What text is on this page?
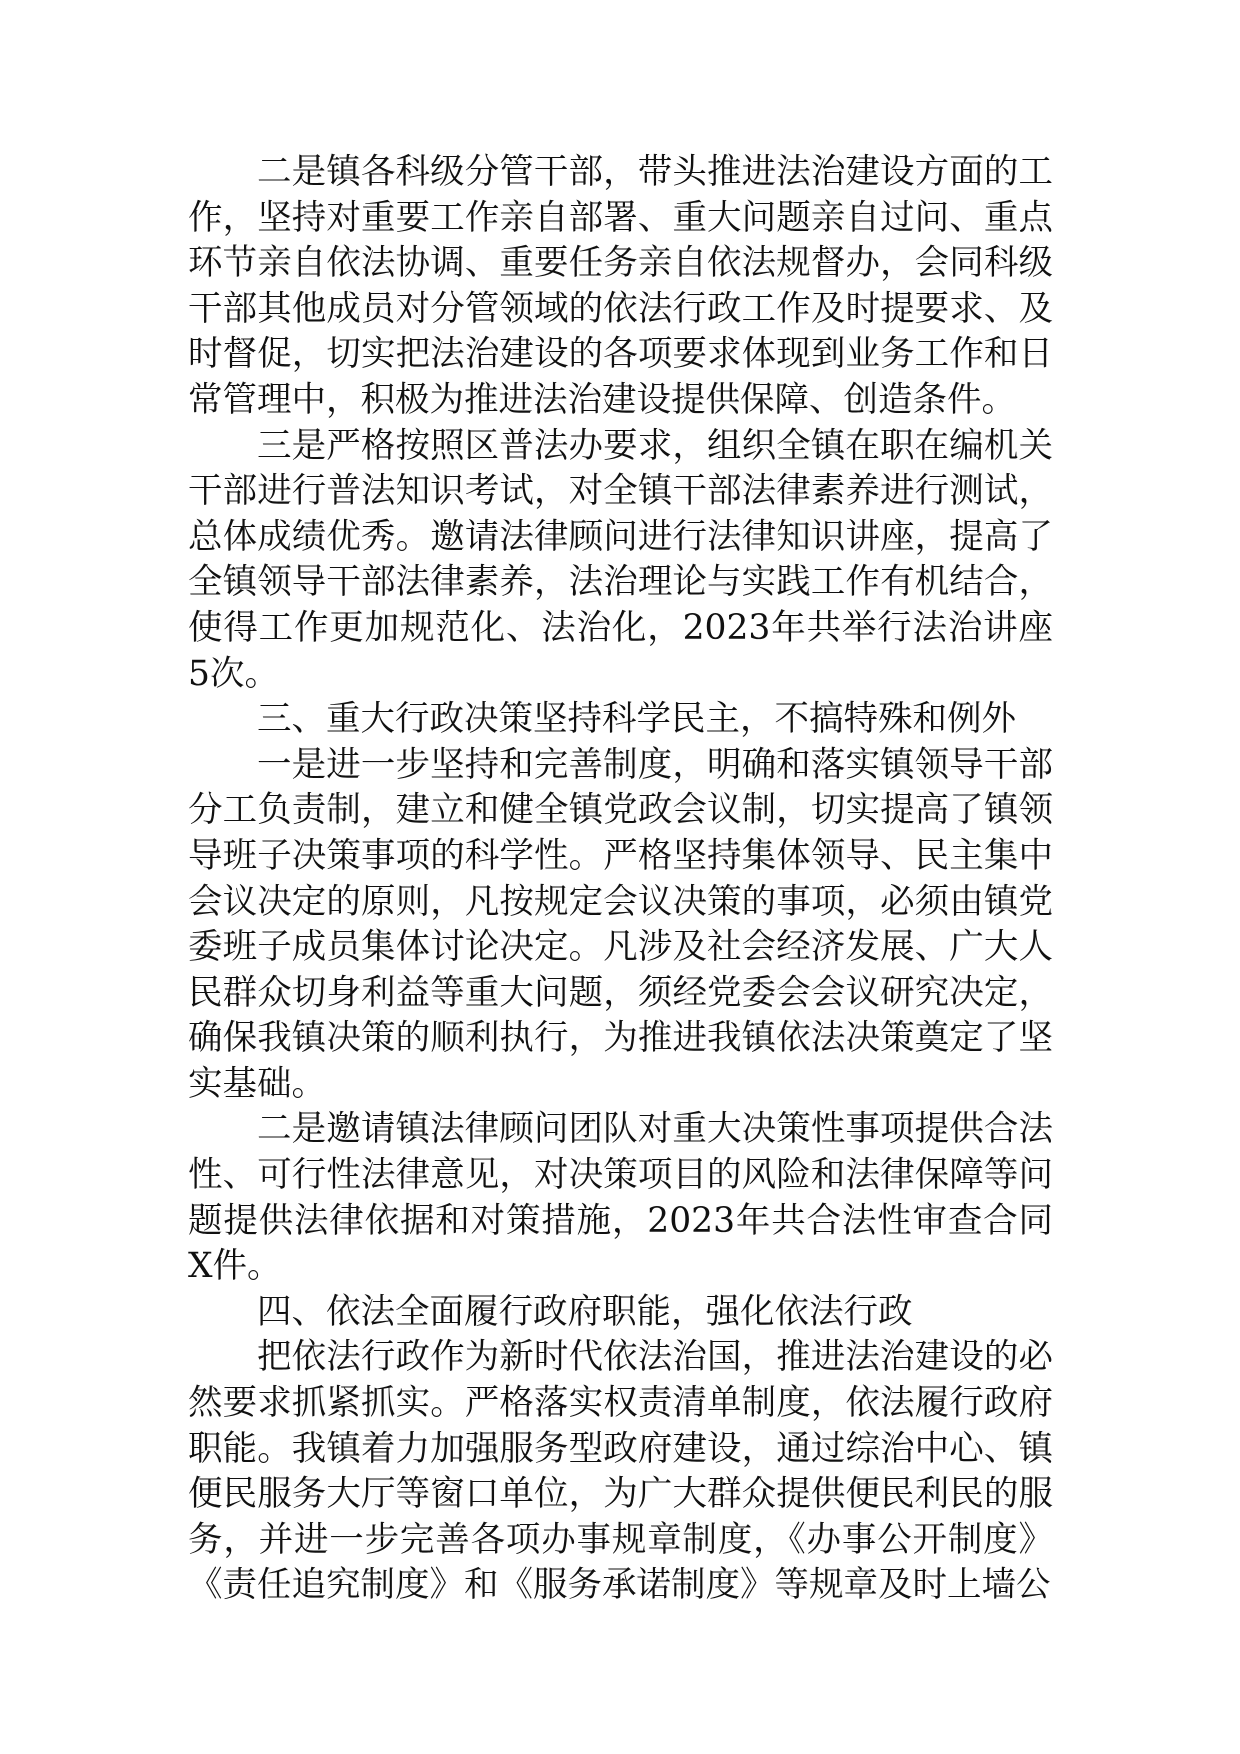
二是镇各科级分管干部，带头推进法治建设方面的工作，坚持对重要工作亲自部署、重大问题亲自过问、重点环节亲自依法协调、重要任务亲自依法规督办，会同科级干部其他成员对分管领域的依法行政工作及时提要求、及时督促，切实把法治建设的各项要求体现到业务工作和日常管理中，积极为推进法治建设提供保障、创造条件。

三是严格按照区普法办要求，组织全镇在职在编机关干部进行普法知识考试，对全镇干部法律素养进行测试，总体成绩优秀。邀请法律顾问进行法律知识讲座，提高了全镇领导干部法律素养，法治理论与实践工作有机结合，使得工作更加规范化、法治化，2023年共举行法治讲座5次。

三、重大行政决策坚持科学民主，不搞特殊和例外

一是进一步坚持和完善制度，明确和落实镇领导干部分工负责制，建立和健全镇党政会议制，切实提高了镇领导班子决策事项的科学性。严格坚持集体领导、民主集中会议决定的原则，凡按规定会议决策的事项，必须由镇党委班子成员集体讨论决定。凡涉及社会经济发展、广大人民群众切身利益等重大问题，须经党委会会议研究决定，确保我镇决策的顺利执行，为推进我镇依法决策奠定了坚实基础。

二是邀请镇法律顾问团队对重大决策性事项提供合法性、可行性法律意见，对决策项目的风险和法律保障等问题提供法律依据和对策措施，2023年共合法性审查合同X件。

四、依法全面履行政府职能，强化依法行政

把依法行政作为新时代依法治国，推进法治建设的必然要求抓紧抓实。严格落实权责清单制度，依法履行政府职能。我镇着力加强服务型政府建设，通过综治中心、镇便民服务大厅等窗口单位，为广大群众提供便民利民的服务，并进一步完善各项办事规章制度，《办事公开制度》《责任追究制度》和《服务承诺制度》等规章及时上墙公
